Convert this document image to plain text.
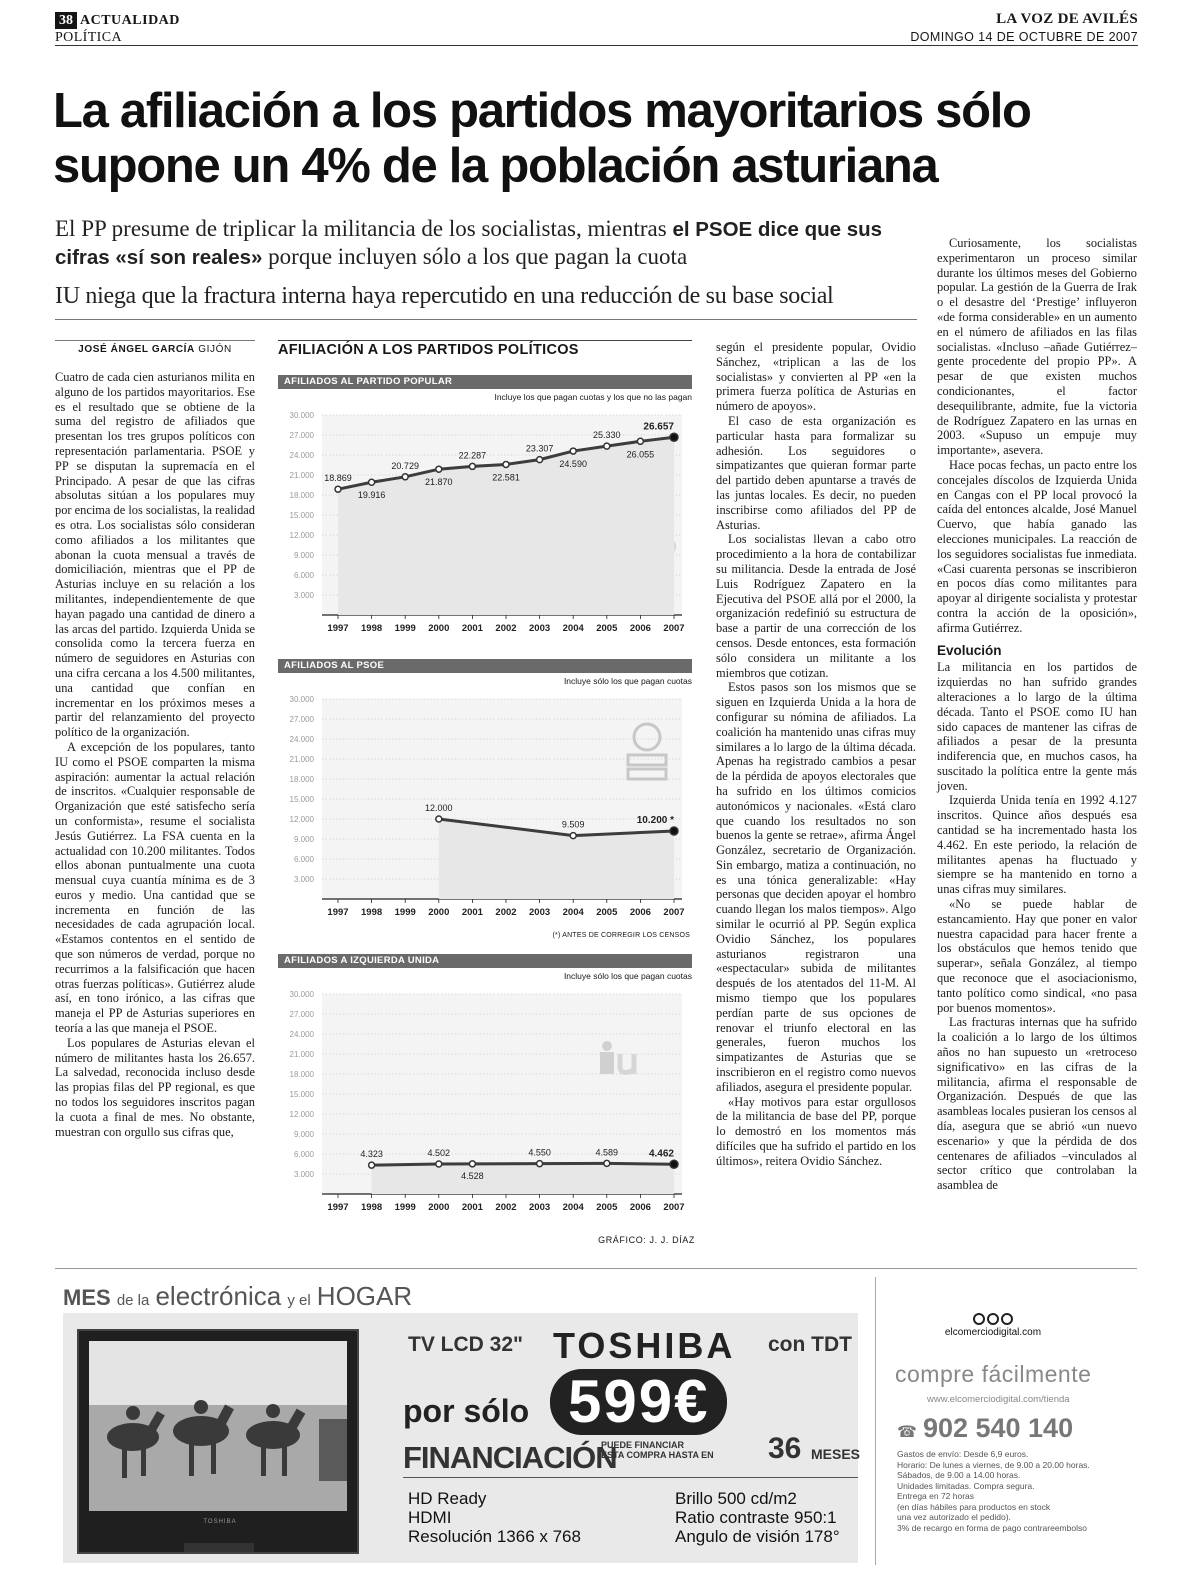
38 ACTUALIDAD
POLÍTICA
LA VOZ DE AVILÉS
DOMINGO 14 DE OCTUBRE DE 2007
La afiliación a los partidos mayoritarios sólo supone un 4% de la población asturiana
El PP presume de triplicar la militancia de los socialistas, mientras el PSOE dice que sus cifras «sí son reales» porque incluyen sólo a los que pagan la cuota
IU niega que la fractura interna haya repercutido en una reducción de su base social
JOSÉ ÁNGEL GARCÍA GIJÓN

Cuatro de cada cien asturianos milita en alguno de los partidos mayoritarios. Ese es el resultado que se obtiene de la suma del registro de afiliados que presentan los tres grupos políticos con representación parlamentaria. PSOE y PP se disputan la supremacía en el Principado. A pesar de que las cifras absolutas sitúan a los populares muy por encima de los socialistas, la realidad es otra. Los socialistas sólo consideran como afiliados a los militantes que abonan la cuota mensual a través de domiciliación, mientras que el PP de Asturias incluye en su relación a los militantes, independientemente de que hayan pagado una cantidad de dinero a las arcas del partido. Izquierda Unida se consolida como la tercera fuerza en número de seguidores en Asturias con una cifra cercana a los 4.500 militantes, una cantidad que confían en incrementar en los próximos meses a partir del relanzamiento del proyecto político de la organización.

A excepción de los populares, tanto IU como el PSOE comparten la misma aspiración: aumentar la actual relación de inscritos. «Cualquier responsable de Organización que esté satisfecho sería un conformista», resume el socialista Jesús Gutiérrez. La FSA cuenta en la actualidad con 10.200 militantes. Todos ellos abonan puntualmente una cuota mensual cuya cuantía mínima es de 3 euros y medio. Una cantidad que se incrementa en función de las necesidades de cada agrupación local. «Estamos contentos en el sentido de que son números de verdad, porque no recurrimos a la falsificación que hacen otras fuerzas políticas». Gutiérrez alude así, en tono irónico, a las cifras que maneja el PP de Asturias superiores en teoría a las que maneja el PSOE.

Los populares de Asturias elevan el número de militantes hasta los 26.657. La salvedad, reconocida incluso desde las propias filas del PP regional, es que no todos los seguidores inscritos pagan la cuota a final de mes. No obstante, muestran con orgullo sus cifras que,

AFILIACIÓN A LOS PARTIDOS POLÍTICOS
AFILIADOS AL PARTIDO POPULAR
Incluye los que pagan cuotas y los que no las pagan
3.000
6.000
9.000
12.000
15.000
18.000
21.000
24.000
27.000
30.000
1997 1998 1999 2000 2001 2002 2003 2004 2005 2006 2007
18.869
19.916
20.729
21.870
22.287
22.581
23.307
24.590
25.330
26.055
26.657
AFILIADOS AL PSOE
Incluye sólo los que pagan cuotas
3.000
6.000
9.000
12.000
15.000
18.000
21.000
24.000
27.000
30.000
1997 1998 1999 2000 2001 2002 2003 2004 2005 2006 2007
12.000
9.509	10.200 *
(*) ANTES DE CORREGIR LOS CENSOS
AFILIADOS A IZQUIERDA UNIDA
Incluye sólo los que pagan cuotas
3.000
6.000
9.000
12.000
15.000
18.000
21.000
24.000
27.000
30.000
1997 1998 1999 2000 2001 2002 2003 2004 2005 2006 2007
4.323	4.502
4.528
4.550	4.589	4.462
GRÁFICO: J. J. DÍAZ

según el presidente popular, Ovidio Sánchez, «triplican a las de los socialistas» y convierten al PP «en la primera fuerza política de Asturias en número de apoyos».

El caso de esta organización es particular hasta para formalizar su adhesión. Los seguidores o simpatizantes que quieran formar parte del partido deben apuntarse a través de las juntas locales. Es decir, no pueden inscribirse como afiliados del PP de Asturias.

Los socialistas llevan a cabo otro procedimiento a la hora de contabilizar su militancia. Desde la entrada de José Luis Rodríguez Zapatero en la Ejecutiva del PSOE allá por el 2000, la organización redefinió su estructura de base a partir de una corrección de los censos. Desde entonces, esta formación sólo considera un militante a los miembros que cotizan.

Estos pasos son los mismos que se siguen en Izquierda Unida a la hora de configurar su nómina de afiliados. La coalición ha mantenido unas cifras muy similares a lo largo de la última década. Apenas ha registrado cambios a pesar de la pérdida de apoyos electorales que ha sufrido en los últimos comicios autonómicos y nacionales. «Está claro que cuando los resultados no son buenos la gente se retrae», afirma Ángel González, secretario de Organización. Sin embargo, matiza a continuación, no es una tónica generalizable: «Hay personas que deciden apoyar el hombro cuando llegan los malos tiempos». Algo similar le ocurrió al PP. Según explica Ovidio Sánchez, los populares asturianos registraron una «espectacular» subida de militantes después de los atentados del 11-M. Al mismo tiempo que los populares perdían parte de sus opciones de renovar el triunfo electoral en las generales, fueron muchos los simpatizantes de Asturias que se inscribieron en el registro como nuevos afiliados, asegura el presidente popular.

«Hay motivos para estar orgullosos de la militancia de base del PP, porque lo demostró en los momentos más difíciles que ha sufrido el partido en los últimos», reitera Ovidio Sánchez.

Curiosamente, los socialistas experimentaron un proceso similar durante los últimos meses del Gobierno popular. La gestión de la Guerra de Irak o el desastre del ‘Prestige’ influyeron «de forma considerable» en un aumento en el número de afiliados en las filas socialistas. «Incluso –añade Gutiérrez– gente procedente del propio PP». A pesar de que existen muchos condicionantes, el factor desequilibrante, admite, fue la victoria de Rodríguez Zapatero en las urnas en 2003. «Supuso un empuje muy importante», asevera.

Hace pocas fechas, un pacto entre los concejales díscolos de Izquierda Unida en Cangas con el PP local provocó la caída del entonces alcalde, José Manuel Cuervo, que había ganado las elecciones municipales. La reacción de los seguidores socialistas fue inmediata. «Casi cuarenta personas se inscribieron en pocos días como militantes para apoyar al dirigente socialista y protestar contra la acción de la oposición», afirma Gutiérrez.

Evolución

La militancia en los partidos de izquierdas no han sufrido grandes alteraciones a lo largo de la última década. Tanto el PSOE como IU han sido capaces de mantener las cifras de afiliados a pesar de la presunta indiferencia que, en muchos casos, ha suscitado la política entre la gente más joven.

Izquierda Unida tenía en 1992 4.127 inscritos. Quince años después esa cantidad se ha incrementado hasta los 4.462. En este periodo, la relación de militantes apenas ha fluctuado y siempre se ha mantenido en torno a unas cifras muy similares.

«No se puede hablar de estancamiento. Hay que poner en valor nuestra capacidad para hacer frente a los obstáculos que hemos tenido que superar», señala González, al tiempo que reconoce que el asociacionismo, tanto político como sindical, «no pasa por buenos momentos».

Las fracturas internas que ha sufrido la coalición a lo largo de los últimos años no han supuesto un «retroceso significativo» en las cifras de la militancia, afirma el responsable de Organización. Después de que las asambleas locales pusieran los censos al día, asegura que se abrió «un nuevo escenario» y que la pérdida de dos centenares de afiliados –vinculados al sector crítico que controlaban la asamblea de

MES de la electrónica y el HOGAR
TOSHIBA
TV LCD 32" TOSHIBA con TDT
por sólo 599€
FINANCIACIÓN
PUEDE FINANCIAR
ESTA COMPRA HASTA EN 36 MESES
HD Ready
HDMI
Resolución 1366 x 768
Brillo 500 cd/m2
Ratio contraste 950:1
Angulo de visión 178°
elcomerciodigital.com
compre fácilmente
www.elcomerciodigital.com/tienda
☎ 902 540 140
Gastos de envío: Desde 6,9 euros.
Horario: De lunes a viernes, de 9.00 a 20.00 horas.
Sábados, de 9.00 a 14.00 horas.
Unidades limitadas. Compra segura.
Entrega en 72 horas
(en días hábiles para productos en stock
una vez autorizado el pedido).
3% de recargo en forma de pago contrareembolso
